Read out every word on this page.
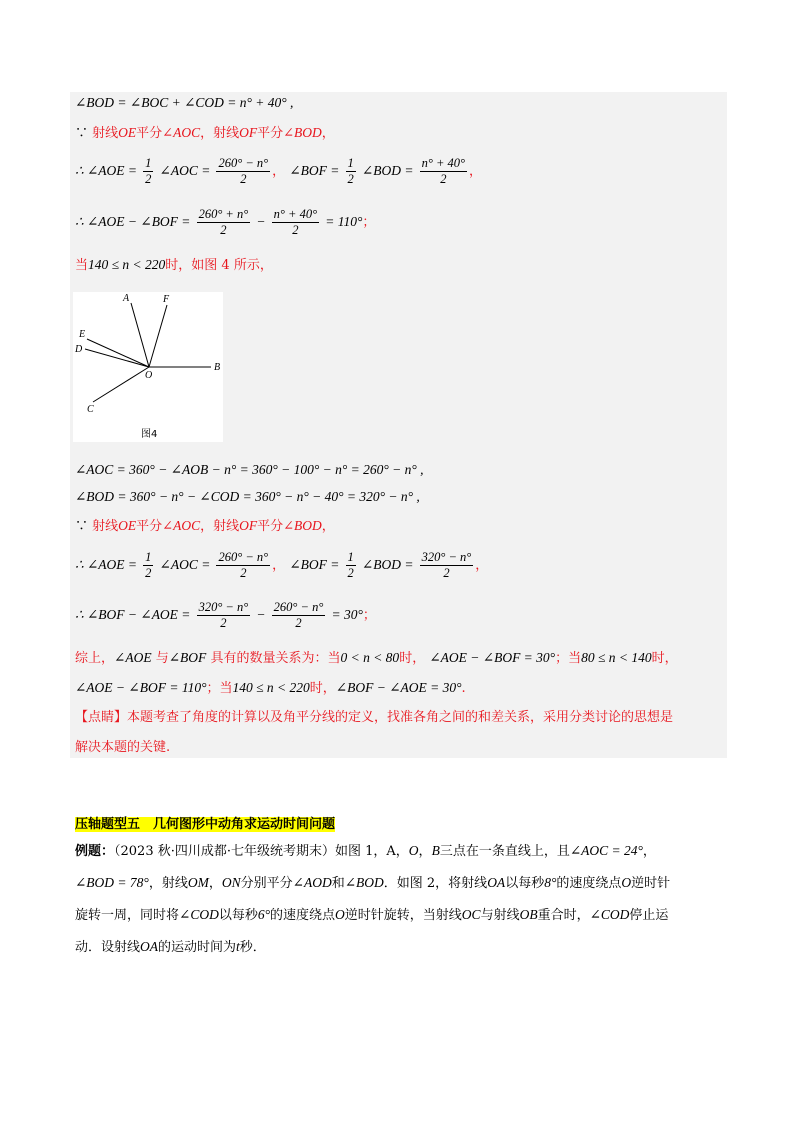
∠BOD = ∠BOC + ∠COD = n° + 40° ,
∵ 射线OE平分∠AOC，射线OF平分∠BOD，
∴ ∠AOE = $\frac{1}{2}$ ∠AOC = $\frac{260^\circ - n^\circ}{2}$ ， ∠BOF = $\frac{1}{2}$ ∠BOD = $\frac{n^\circ + 40^\circ}{2}$ ，
∴ ∠AOE − ∠BOF = $\frac{260^\circ + n^\circ}{2} - \frac{n^\circ + 40^\circ}{2} = 110^\circ$；
当140 ≤ n < 220时，如图 4 所示，
A	F
E
D
O
B
C
图4
∠AOC = 360° − ∠AOB − n° = 360° − 100° − n° = 260° − n° ,
∠BOD = 360° − n° − ∠COD = 360° − n° − 40° = 320° − n° ,
∵ 射线OE平分∠AOC，射线OF平分∠BOD，
∴ ∠AOE = $\frac{1}{2}$ ∠AOC = $\frac{260^\circ - n^\circ}{2}$ ， ∠BOF = $\frac{1}{2}$ ∠BOD = $\frac{320^\circ - n^\circ}{2}$ ，
∴ ∠BOF − ∠AOE = $\frac{320^\circ - n^\circ}{2} - \frac{260^\circ - n^\circ}{2} = 30^\circ$；
综上，∠AOE 与∠BOF 具有的数量关系为：当0 < n < 80时， ∠AOE − ∠BOF = 30°；当80 ≤ n < 140时，
∠AOE − ∠BOF = 110°；当140 ≤ n < 220时，∠BOF − ∠AOE = 30°.
【点睛】本题考查了角度的计算以及角平分线的定义，找准各角之间的和差关系，采用分类讨论的思想是
解决本题的关键.
压轴题型五　几何图形中动角求运动时间问题
例题：（2023 秋·四川成都·七年级统考期末）如图 1，A，O，B三点在一条直线上，且∠AOC = 24°，
∠BOD = 78°，射线OM，ON分别平分∠AOD和∠BOD．如图 2，将射线OA以每秒8°的速度绕点O逆时针
旋转一周，同时将∠COD以每秒6°的速度绕点O逆时针旋转，当射线OC与射线OB重合时，∠COD停止运
动．设射线OA的运动时间为t秒．
